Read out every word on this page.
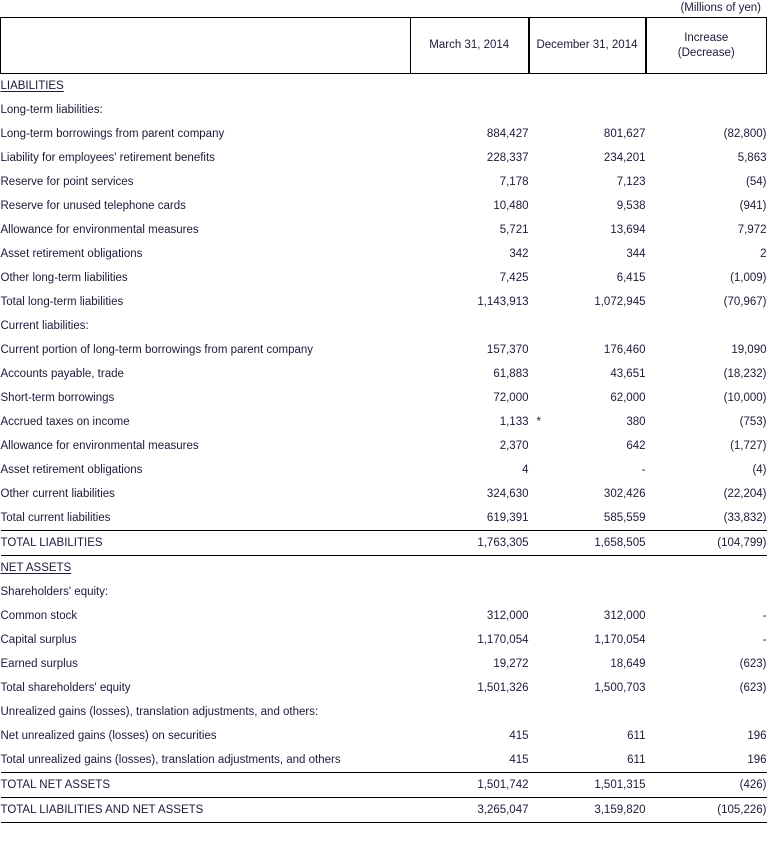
(Millions of yen)
	March 31, 2014	December 31, 2014	Increase
(Decrease)

LIABILITIES			
Long-term liabilities:			
Long-term borrowings from parent company	884,427	801,627	(82,800)
Liability for employees' retirement benefits	228,337	234,201	5,863
Reserve for point services	7,178	7,123	(54)
Reserve for unused telephone cards	10,480	9,538	(941)
Allowance for environmental measures	5,721	13,694	7,972
Asset retirement obligations	342	344	2
Other long-term liabilities	7,425	6,415	(1,009)
Total long-term liabilities	1,143,913	1,072,945	(70,967)
Current liabilities:			
Current portion of long-term borrowings from parent company	157,370	176,460	19,090
Accounts payable, trade	61,883	43,651	(18,232)
Short-term borrowings	72,000	62,000	(10,000)
Accrued taxes on income	1,133	* 380	(753)
Allowance for environmental measures	2,370	642	(1,727)
Asset retirement obligations	4	-	(4)
Other current liabilities	324,630	302,426	(22,204)
Total current liabilities	619,391	585,559	(33,832)
TOTAL LIABILITIES	1,763,305	1,658,505	(104,799)
NET ASSETS			
Shareholders' equity:			
Common stock	312,000	312,000	-
Capital surplus	1,170,054	1,170,054	-
Earned surplus	19,272	18,649	(623)
Total shareholders' equity	1,501,326	1,500,703	(623)
Unrealized gains (losses), translation adjustments, and others:			
Net unrealized gains (losses) on securities	415	611	196
Total unrealized gains (losses), translation adjustments, and others	415	611	196
TOTAL NET ASSETS	1,501,742	1,501,315	(426)
TOTAL LIABILITIES AND NET ASSETS	3,265,047	3,159,820	(105,226)
